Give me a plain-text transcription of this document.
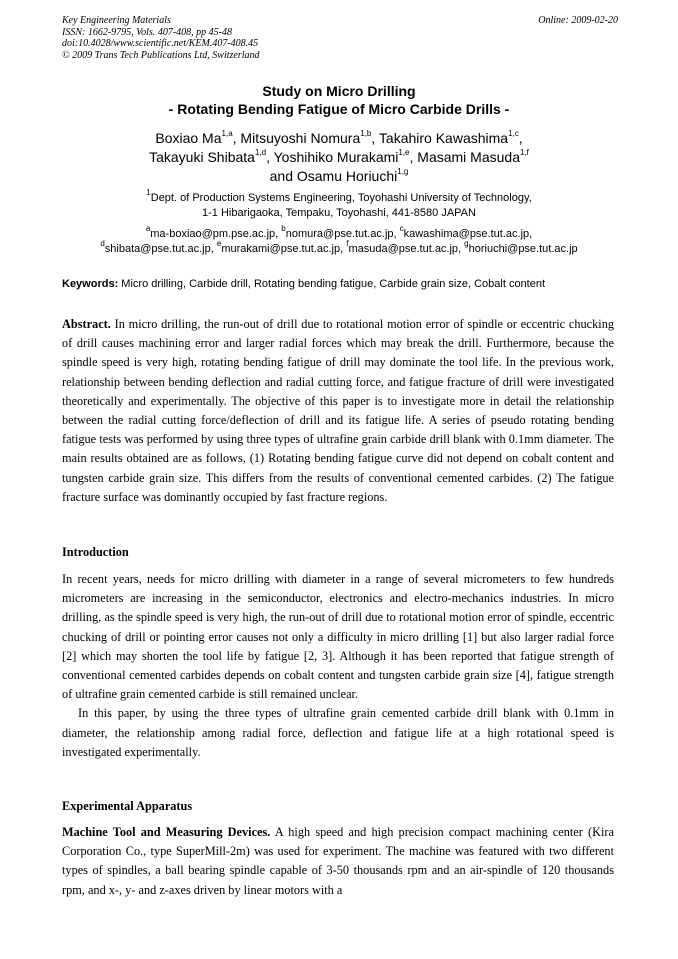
Key Engineering Materials
ISSN: 1662-9795, Vols. 407-408, pp 45-48
doi:10.4028/www.scientific.net/KEM.407-408.45
© 2009 Trans Tech Publications Ltd, Switzerland
Online: 2009-02-20
Study on Micro Drilling
- Rotating Bending Fatigue of Micro Carbide Drills -
Boxiao Ma$^{1,a}$, Mitsuyoshi Nomura$^{1,b}$, Takahiro Kawashima$^{1,c}$,
Takayuki Shibata$^{1,d}$, Yoshihiko Murakami$^{1,e}$, Masami Masuda$^{1,f}$
and Osamu Horiuchi$^{1,g}$
$^1$Dept. of Production Systems Engineering, Toyohashi University of Technology,
1-1 Hibarigaoka, Tempaku, Toyohashi, 441-8580 JAPAN
$^a$ma-boxiao@pm.pse.ac.jp, $^b$nomura@pse.tut.ac.jp, $^c$kawashima@pse.tut.ac.jp,
$^d$shibata@pse.tut.ac.jp, $^e$murakami@pse.tut.ac.jp, $^f$masuda@pse.tut.ac.jp, $^g$horiuchi@pse.tut.ac.jp
Keywords: Micro drilling, Carbide drill, Rotating bending fatigue, Carbide grain size, Cobalt content
Abstract. In micro drilling, the run-out of drill due to rotational motion error of spindle or eccentric chucking of drill causes machining error and larger radial forces which may break the drill. Furthermore, because the spindle speed is very high, rotating bending fatigue of drill may dominate the tool life. In the previous work, relationship between bending deflection and radial cutting force, and fatigue fracture of drill were investigated theoretically and experimentally. The objective of this paper is to investigate more in detail the relationship between the radial cutting force/deflection of drill and its fatigue life. A series of pseudo rotating bending fatigue tests was performed by using three types of ultrafine grain carbide drill blank with 0.1mm diameter. The main results obtained are as follows, (1) Rotating bending fatigue curve did not depend on cobalt content and tungsten carbide grain size. This differs from the results of conventional cemented carbides. (2) The fatigue fracture surface was dominantly occupied by fast fracture regions.
Introduction

In recent years, needs for micro drilling with diameter in a range of several micrometers to few hundreds micrometers are increasing in the semiconductor, electronics and electro-mechanics industries. In micro drilling, as the spindle speed is very high, the run-out of drill due to rotational motion error of spindle, eccentric chucking of drill or pointing error causes not only a difficulty in micro drilling [1] but also larger radial force [2] which may shorten the tool life by fatigue [2, 3]. Although it has been reported that fatigue strength of conventional cemented carbides depends on cobalt content and tungsten carbide grain size [4], fatigue strength of ultrafine grain cemented carbide is still remained unclear.

In this paper, by using the three types of ultrafine grain cemented carbide drill blank with 0.1mm in diameter, the relationship among radial force, deflection and fatigue life at a high rotational speed is investigated experimentally.

Experimental Apparatus
Machine Tool and Measuring Devices. A high speed and high precision compact machining center (Kira Corporation Co., type SuperMill-2m) was used for experiment. The machine was featured with two different types of spindles, a ball bearing spindle capable of 3-50 thousands rpm and an air-spindle of 120 thousands rpm, and x-, y- and z-axes driven by linear motors with a
